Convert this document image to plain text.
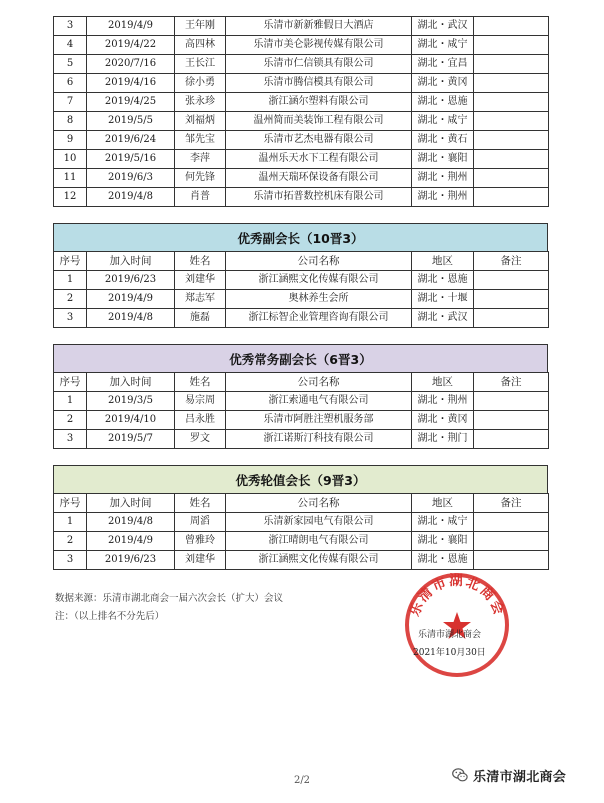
3	2019/4/9	王年刚	乐清市新新雅假日大酒店	湖北・武汉	
4	2019/4/22	高四林	乐清市美仑影视传媒有限公司	湖北・咸宁	
5	2020/7/16	王长江	乐清市仁信锁具有限公司	湖北・宜昌	
6	2019/4/16	徐小勇	乐清市腾信模具有限公司	湖北・黄冈	
7	2019/4/25	张永珍	浙江涵尔塑料有限公司	湖北・恩施	
8	2019/5/5	刘福炳	温州简而美装饰工程有限公司	湖北・咸宁	
9	2019/6/24	邹先宝	乐清市艺杰电器有限公司	湖北・黄石	
10	2019/5/16	李萍	温州乐天水下工程有限公司	湖北・襄阳	
11	2019/6/3	何先锋	温州天瑞环保设备有限公司	湖北・荆州	
12	2019/4/8	肖普	乐清市拓普数控机床有限公司	湖北・荆州	
优秀副会长（10晋3）
序号	加入时间	姓名	公司名称	地区	备注
1	2019/6/23	刘建华	浙江涵熙文化传媒有限公司	湖北・恩施	
2	2019/4/9	郑志军	奥林养生会所	湖北・十堰	
3	2019/4/8	施磊	浙江标智企业管理咨询有限公司	湖北・武汉	
优秀常务副会长（6晋3）
序号	加入时间	姓名	公司名称	地区	备注
1	2019/3/5	易宗周	浙江索通电气有限公司	湖北・荆州	
2	2019/4/10	吕永胜	乐清市阿胜注塑机服务部	湖北・黄冈	
3	2019/5/7	罗文	浙江诺斯汀科技有限公司	湖北・荆门	
优秀轮值会长（9晋3）
序号	加入时间	姓名	公司名称	地区	备注
1	2019/4/8	周滔	乐清新家园电气有限公司	湖北・咸宁	
2	2019/4/9	曾雅玲	浙江晴朗电气有限公司	湖北・襄阳	
3	2019/6/23	刘建华	浙江涵熙文化传媒有限公司	湖北・恩施	
数据来源：乐清市湖北商会一届六次会长（扩大）会议
注：（以上排名不分先后）	乐清市湖北商会
乐清市湖北商会
2021年10月30日
2/2	乐清市湖北商会
